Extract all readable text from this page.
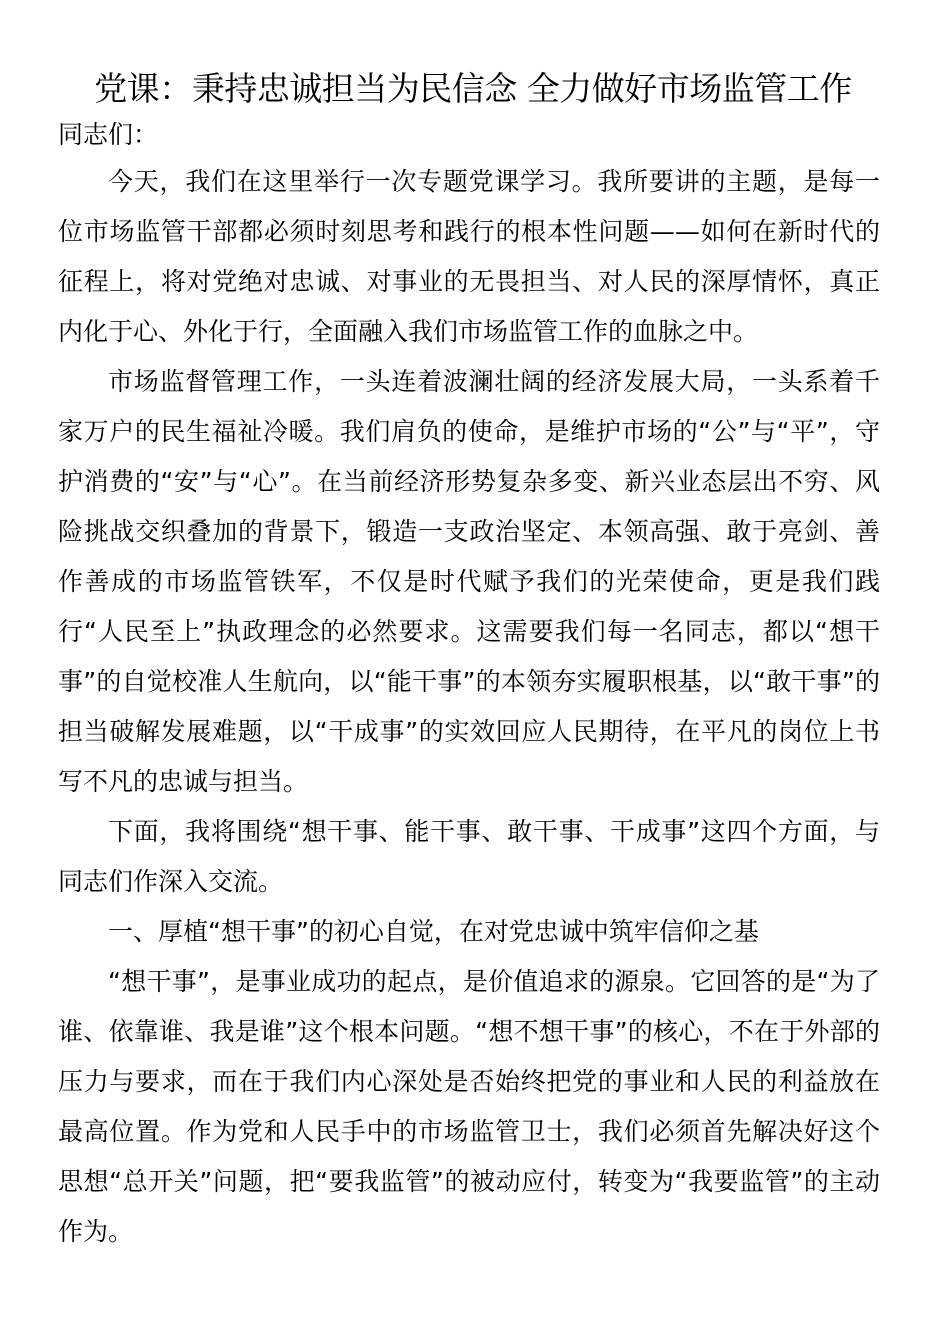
党课：秉持忠诚担当为民信念 全力做好市场监管工作

同志们：

今天，我们在这里举行一次专题党课学习。我所要讲的主题，是每一位市场监管干部都必须时刻思考和践行的根本性问题——如何在新时代的征程上，将对党绝对忠诚、对事业的无畏担当、对人民的深厚情怀，真正内化于心、外化于行，全面融入我们市场监管工作的血脉之中。

市场监督管理工作，一头连着波澜壮阔的经济发展大局，一头系着千家万户的民生福祉冷暖。我们肩负的使命，是维护市场的“公”与“平”，守护消费的“安”与“心”。在当前经济形势复杂多变、新兴业态层出不穷、风险挑战交织叠加的背景下，锻造一支政治坚定、本领高强、敢于亮剑、善作善成的市场监管铁军，不仅是时代赋予我们的光荣使命，更是我们践行“人民至上”执政理念的必然要求。这需要我们每一名同志，都以“想干事”的自觉校准人生航向，以“能干事”的本领夯实履职根基，以“敢干事”的担当破解发展难题，以“干成事”的实效回应人民期待，在平凡的岗位上书写不凡的忠诚与担当。

下面，我将围绕“想干事、能干事、敢干事、干成事”这四个方面，与同志们作深入交流。

一、厚植“想干事”的初心自觉，在对党忠诚中筑牢信仰之基

“想干事”，是事业成功的起点，是价值追求的源泉。它回答的是“为了谁、依靠谁、我是谁”这个根本问题。“想不想干事”的核心，不在于外部的压力与要求，而在于我们内心深处是否始终把党的事业和人民的利益放在最高位置。作为党和人民手中的市场监管卫士，我们必须首先解决好这个思想“总开关”问题，把“要我监管”的被动应付，转变为“我要监管”的主动作为。
